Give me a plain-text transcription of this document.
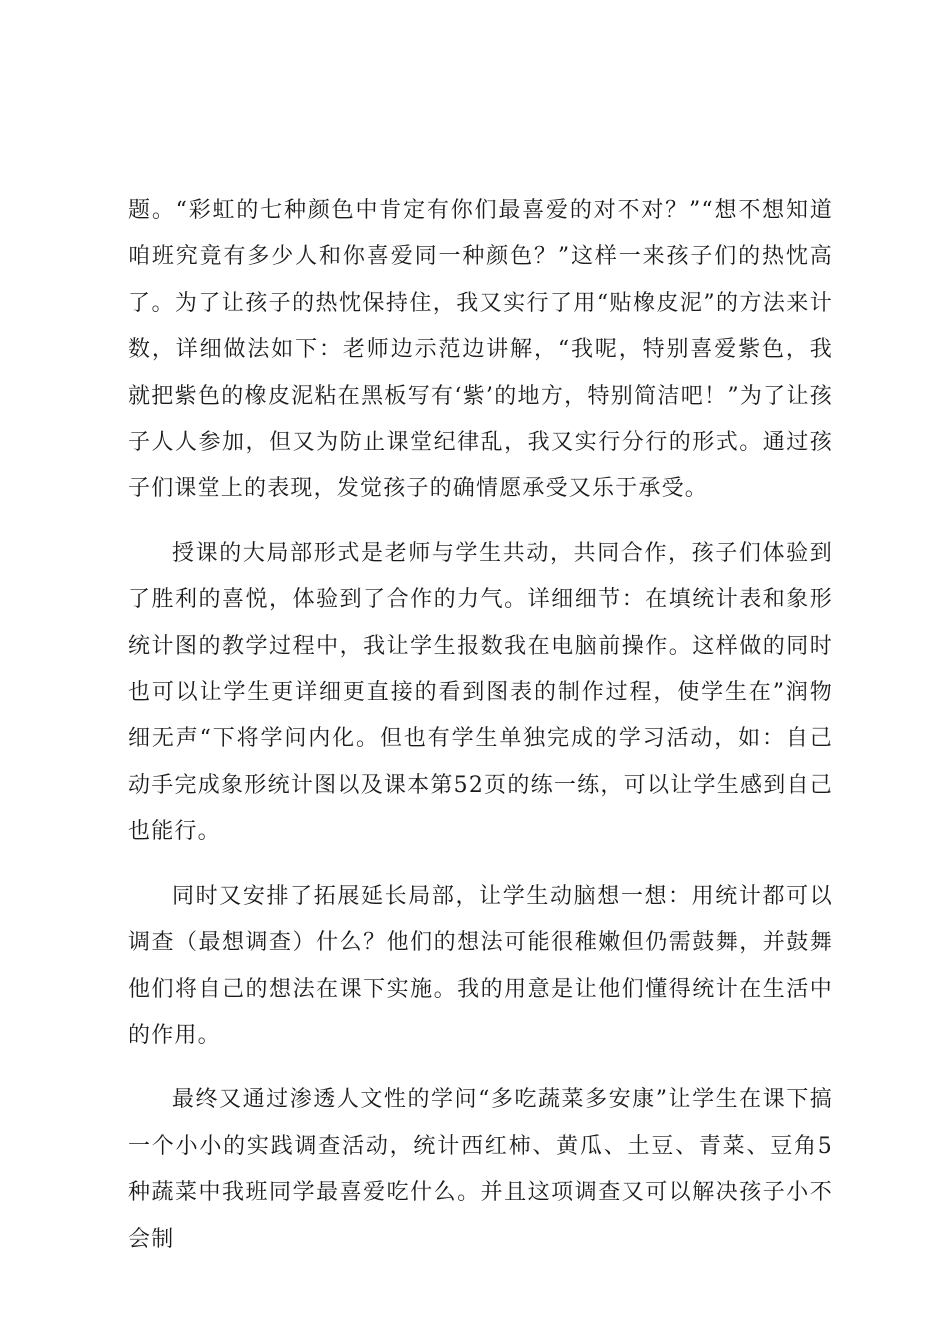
题。“彩虹的七种颜色中肯定有你们最喜爱的对不对？”“想不想知道咱班究竟有多少人和你喜爱同一种颜色？”这样一来孩子们的热忱高了。为了让孩子的热忱保持住，我又实行了用“贴橡皮泥”的方法来计数，详细做法如下：老师边示范边讲解，“我呢，特别喜爱紫色，我就把紫色的橡皮泥粘在黑板写有‘紫’的地方，特别简洁吧！”为了让孩子人人参加，但又为防止课堂纪律乱，我又实行分行的形式。通过孩子们课堂上的表现，发觉孩子的确情愿承受又乐于承受。

授课的大局部形式是老师与学生共动，共同合作，孩子们体验到了胜利的喜悦，体验到了合作的力气。详细细节：在填统计表和象形统计图的教学过程中，我让学生报数我在电脑前操作。这样做的同时也可以让学生更详细更直接的看到图表的制作过程，使学生在”润物细无声“下将学问内化。但也有学生单独完成的学习活动，如：自己动手完成象形统计图以及课本第52页的练一练，可以让学生感到自己也能行。

同时又安排了拓展延长局部，让学生动脑想一想：用统计都可以调查（最想调查）什么？他们的想法可能很稚嫩但仍需鼓舞，并鼓舞他们将自己的想法在课下实施。我的用意是让他们懂得统计在生活中的作用。

最终又通过渗透人文性的学问“多吃蔬菜多安康”让学生在课下搞一个小小的实践调查活动，统计西红柿、黄瓜、土豆、青菜、豆角5种蔬菜中我班同学最喜爱吃什么。并且这项调查又可以解决孩子小不会制
